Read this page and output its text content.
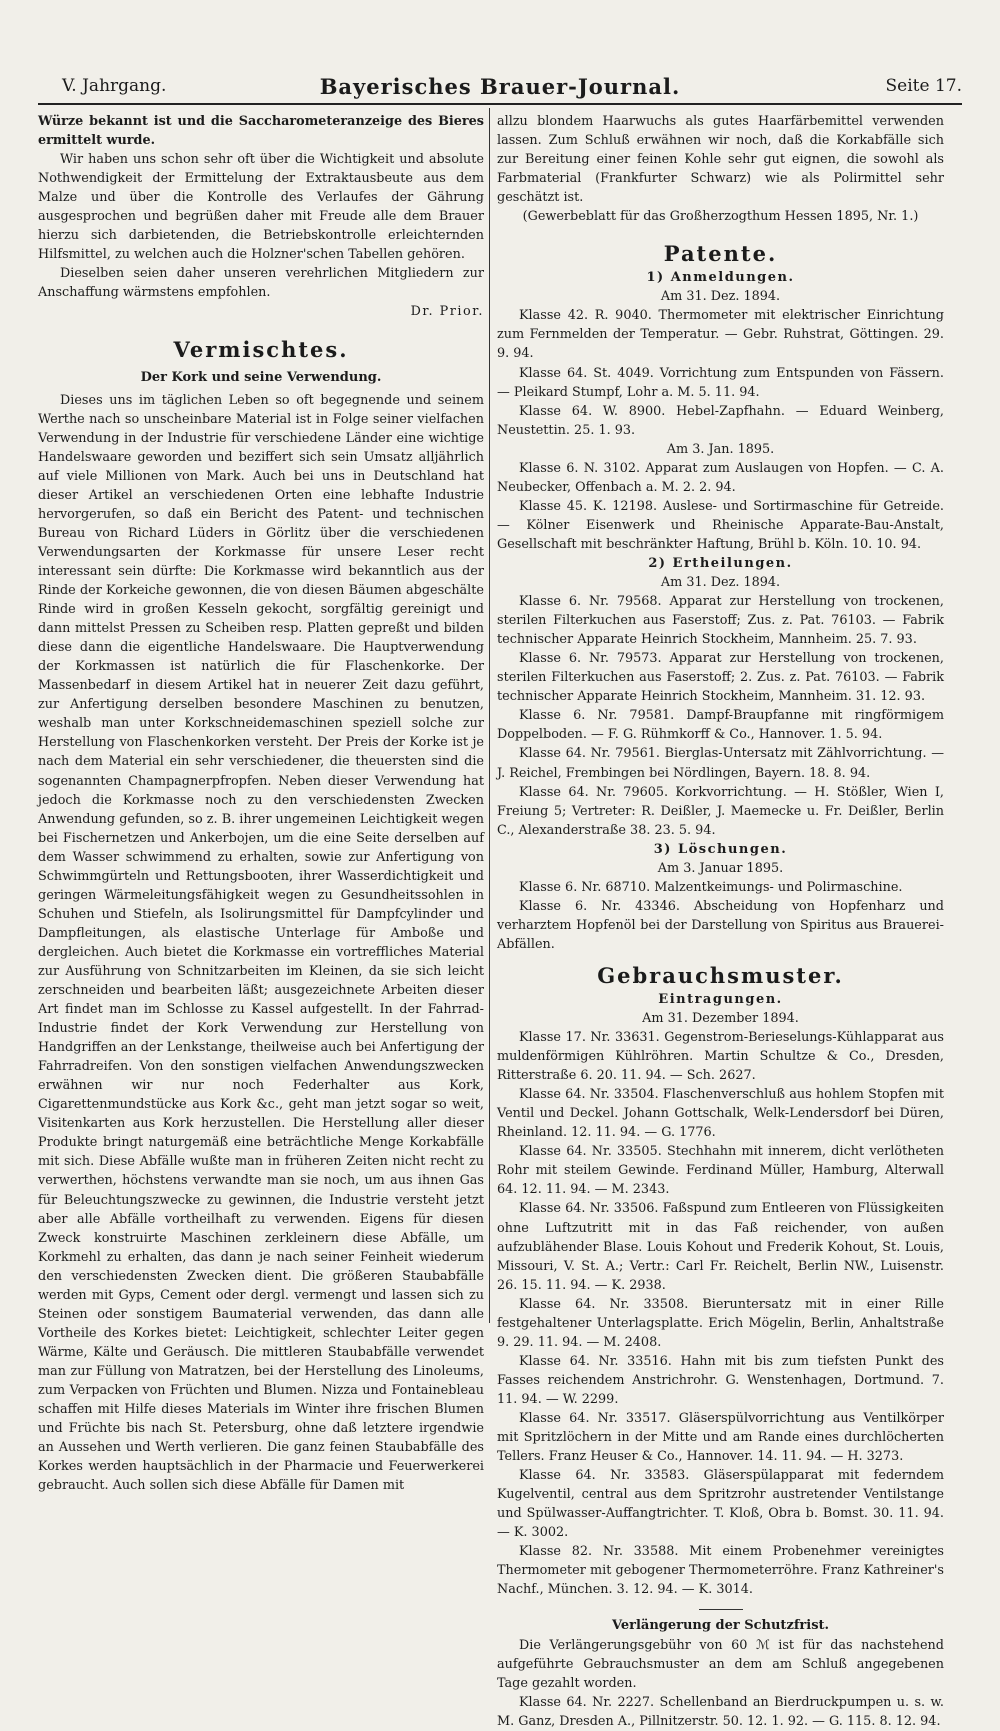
V. Jahrgang.	Bayerisches Brauer-Journal.	Seite 17.

Würze bekannt ist und die Saccharometeranzeige des Bieres ermittelt wurde.

Wir haben uns schon sehr oft über die Wichtigkeit und absolute Nothwendigkeit der Ermittelung der Extraktausbeute aus dem Malze und über die Kontrolle des Verlaufes der Gährung ausgesprochen und begrüßen daher mit Freude alle dem Brauer hierzu sich darbietenden, die Betriebskontrolle erleichternden Hilfsmittel, zu welchen auch die Holzner'schen Tabellen gehören.

Dieselben seien daher unseren verehrlichen Mitgliedern zur Anschaffung wärmstens empfohlen.

Dr. Prior.

Vermischtes.

Der Kork und seine Verwendung.

Dieses uns im täglichen Leben so oft begegnende und seinem Werthe nach so unscheinbare Material ist in Folge seiner vielfachen Verwendung in der Industrie für verschiedene Länder eine wichtige Handelswaare geworden und beziffert sich sein Umsatz alljährlich auf viele Millionen von Mark. Auch bei uns in Deutschland hat dieser Artikel an verschiedenen Orten eine lebhafte Industrie hervorgerufen, so daß ein Bericht des Patent- und technischen Bureau von Richard Lüders in Görlitz über die verschiedenen Verwendungsarten der Korkmasse für unsere Leser recht interessant sein dürfte: Die Korkmasse wird bekanntlich aus der Rinde der Korkeiche gewonnen, die von diesen Bäumen abgeschälte Rinde wird in großen Kesseln gekocht, sorgfältig gereinigt und dann mittelst Pressen zu Scheiben resp. Platten gepreßt und bilden diese dann die eigentliche Handelswaare. Die Hauptverwendung der Korkmassen ist natürlich die für Flaschenkorke. Der Massenbedarf in diesem Artikel hat in neuerer Zeit dazu geführt, zur Anfertigung derselben besondere Maschinen zu benutzen, weshalb man unter Korkschneidemaschinen speziell solche zur Herstellung von Flaschenkorken versteht. Der Preis der Korke ist je nach dem Material ein sehr verschiedener, die theuersten sind die sogenannten Champagnerpfropfen. Neben dieser Verwendung hat jedoch die Korkmasse noch zu den verschiedensten Zwecken Anwendung gefunden, so z. B. ihrer ungemeinen Leichtigkeit wegen bei Fischernetzen und Ankerbojen, um die eine Seite derselben auf dem Wasser schwimmend zu erhalten, sowie zur Anfertigung von Schwimmgürteln und Rettungsbooten, ihrer Wasserdichtigkeit und geringen Wärmeleitungsfähigkeit wegen zu Gesundheitssohlen in Schuhen und Stiefeln, als Isolirungsmittel für Dampfcylinder und Dampfleitungen, als elastische Unterlage für Amboße und dergleichen. Auch bietet die Korkmasse ein vortreffliches Material zur Ausführung von Schnitzarbeiten im Kleinen, da sie sich leicht zerschneiden und bearbeiten läßt; ausgezeichnete Arbeiten dieser Art findet man im Schlosse zu Kassel aufgestellt. In der Fahrrad-Industrie findet der Kork Verwendung zur Herstellung von Handgriffen an der Lenkstange, theilweise auch bei Anfertigung der Fahrradreifen. Von den sonstigen vielfachen Anwendungszwecken erwähnen wir nur noch Federhalter aus Kork, Cigarettenmundstücke aus Kork &c., geht man jetzt sogar so weit, Visitenkarten aus Kork herzustellen. Die Herstellung aller dieser Produkte bringt naturgemäß eine beträchtliche Menge Korkabfälle mit sich. Diese Abfälle wußte man in früheren Zeiten nicht recht zu verwerthen, höchstens verwandte man sie noch, um aus ihnen Gas für Beleuchtungszwecke zu gewinnen, die Industrie versteht jetzt aber alle Abfälle vortheilhaft zu verwenden. Eigens für diesen Zweck konstruirte Maschinen zerkleinern diese Abfälle, um Korkmehl zu erhalten, das dann je nach seiner Feinheit wiederum den verschiedensten Zwecken dient. Die größeren Staubabfälle werden mit Gyps, Cement oder dergl. vermengt und lassen sich zu Steinen oder sonstigem Baumaterial verwenden, das dann alle Vortheile des Korkes bietet: Leichtigkeit, schlechter Leiter gegen Wärme, Kälte und Geräusch. Die mittleren Staubabfälle verwendet man zur Füllung von Matratzen, bei der Herstellung des Linoleums, zum Verpacken von Früchten und Blumen. Nizza und Fontainebleau schaffen mit Hilfe dieses Materials im Winter ihre frischen Blumen und Früchte bis nach St. Petersburg, ohne daß letztere irgendwie an Aussehen und Werth verlieren. Die ganz feinen Staubabfälle des Korkes werden hauptsächlich in der Pharmacie und Feuerwerkerei gebraucht. Auch sollen sich diese Abfälle für Damen mit

allzu blondem Haarwuchs als gutes Haarfärbemittel verwenden lassen. Zum Schluß erwähnen wir noch, daß die Korkabfälle sich zur Bereitung einer feinen Kohle sehr gut eignen, die sowohl als Farbmaterial (Frankfurter Schwarz) wie als Polirmittel sehr geschätzt ist.

(Gewerbeblatt für das Großherzogthum Hessen 1895, Nr. 1.)

Patente.

1) Anmeldungen.

Am 31. Dez. 1894.

Klasse 42. R. 9040. Thermometer mit elektrischer Einrichtung zum Fernmelden der Temperatur. — Gebr. Ruhstrat, Göttingen. 29. 9. 94.

Klasse 64. St. 4049. Vorrichtung zum Entspunden von Fässern. — Pleikard Stumpf, Lohr a. M. 5. 11. 94.

Klasse 64. W. 8900. Hebel-Zapfhahn. — Eduard Weinberg, Neustettin. 25. 1. 93.

Am 3. Jan. 1895.

Klasse 6. N. 3102. Apparat zum Auslaugen von Hopfen. — C. A. Neubecker, Offenbach a. M. 2. 2. 94.

Klasse 45. K. 12198. Auslese- und Sortirmaschine für Getreide. — Kölner Eisenwerk und Rheinische Apparate-Bau-Anstalt, Gesellschaft mit beschränkter Haftung, Brühl b. Köln. 10. 10. 94.

2) Ertheilungen.

Am 31. Dez. 1894.

Klasse 6. Nr. 79568. Apparat zur Herstellung von trockenen, sterilen Filterkuchen aus Faserstoff; Zus. z. Pat. 76103. — Fabrik technischer Apparate Heinrich Stockheim, Mannheim. 25. 7. 93.

Klasse 6. Nr. 79573. Apparat zur Herstellung von trockenen, sterilen Filterkuchen aus Faserstoff; 2. Zus. z. Pat. 76103. — Fabrik technischer Apparate Heinrich Stockheim, Mannheim. 31. 12. 93.

Klasse 6. Nr. 79581. Dampf-Braupfanne mit ringförmigem Doppelboden. — F. G. Rühmkorff & Co., Hannover. 1. 5. 94.

Klasse 64. Nr. 79561. Bierglas-Untersatz mit Zählvorrichtung. — J. Reichel, Frembingen bei Nördlingen, Bayern. 18. 8. 94.

Klasse 64. Nr. 79605. Korkvorrichtung. — H. Stößler, Wien I, Freiung 5; Vertreter: R. Deißler, J. Maemecke u. Fr. Deißler, Berlin C., Alexanderstraße 38. 23. 5. 94.

3) Löschungen.

Am 3. Januar 1895.

Klasse 6. Nr. 68710. Malzentkeimungs- und Polirmaschine.

Klasse 6. Nr. 43346. Abscheidung von Hopfenharz und verharztem Hopfenöl bei der Darstellung von Spiritus aus Brauerei-Abfällen.

Gebrauchsmuster.

Eintragungen.

Am 31. Dezember 1894.

Klasse 17. Nr. 33631. Gegenstrom-Berieselungs-Kühlapparat aus muldenförmigen Kühlröhren. Martin Schultze & Co., Dresden, Ritterstraße 6. 20. 11. 94. — Sch. 2627.

Klasse 64. Nr. 33504. Flaschenverschluß aus hohlem Stopfen mit Ventil und Deckel. Johann Gottschalk, Welk-Lendersdorf bei Düren, Rheinland. 12. 11. 94. — G. 1776.

Klasse 64. Nr. 33505. Stechhahn mit innerem, dicht verlötheten Rohr mit steilem Gewinde. Ferdinand Müller, Hamburg, Alterwall 64. 12. 11. 94. — M. 2343.

Klasse 64. Nr. 33506. Faßspund zum Entleeren von Flüssigkeiten ohne Luftzutritt mit in das Faß reichender, von außen aufzublähender Blase. Louis Kohout und Frederik Kohout, St. Louis, Missouri, V. St. A.; Vertr.: Carl Fr. Reichelt, Berlin NW., Luisenstr. 26. 15. 11. 94. — K. 2938.

Klasse 64. Nr. 33508. Bieruntersatz mit in einer Rille festgehaltener Unterlagsplatte. Erich Mögelin, Berlin, Anhaltstraße 9. 29. 11. 94. — M. 2408.

Klasse 64. Nr. 33516. Hahn mit bis zum tiefsten Punkt des Fasses reichendem Anstrichrohr. G. Wenstenhagen, Dortmund. 7. 11. 94. — W. 2299.

Klasse 64. Nr. 33517. Gläserspülvorrichtung aus Ventilkörper mit Spritzlöchern in der Mitte und am Rande eines durchlöcherten Tellers. Franz Heuser & Co., Hannover. 14. 11. 94. — H. 3273.

Klasse 64. Nr. 33583. Gläserspülapparat mit federndem Kugelventil, central aus dem Spritzrohr austretender Ventilstange und Spülwasser-Auffangtrichter. T. Kloß, Obra b. Bomst. 30. 11. 94. — K. 3002.

Klasse 82. Nr. 33588. Mit einem Probenehmer vereinigtes Thermometer mit gebogener Thermometerröhre. Franz Kathreiner's Nachf., München. 3. 12. 94. — K. 3014.

Verlängerung der Schutzfrist.

Die Verlängerungsgebühr von 60 ℳ ist für das nachstehend aufgeführte Gebrauchsmuster an dem am Schluß angegebenen Tage gezahlt worden.

Klasse 64. Nr. 2227. Schellenband an Bierdruckpumpen u. s. w. M. Ganz, Dresden A., Pillnitzerstr. 50. 12. 1. 92. — G. 115. 8. 12. 94.
